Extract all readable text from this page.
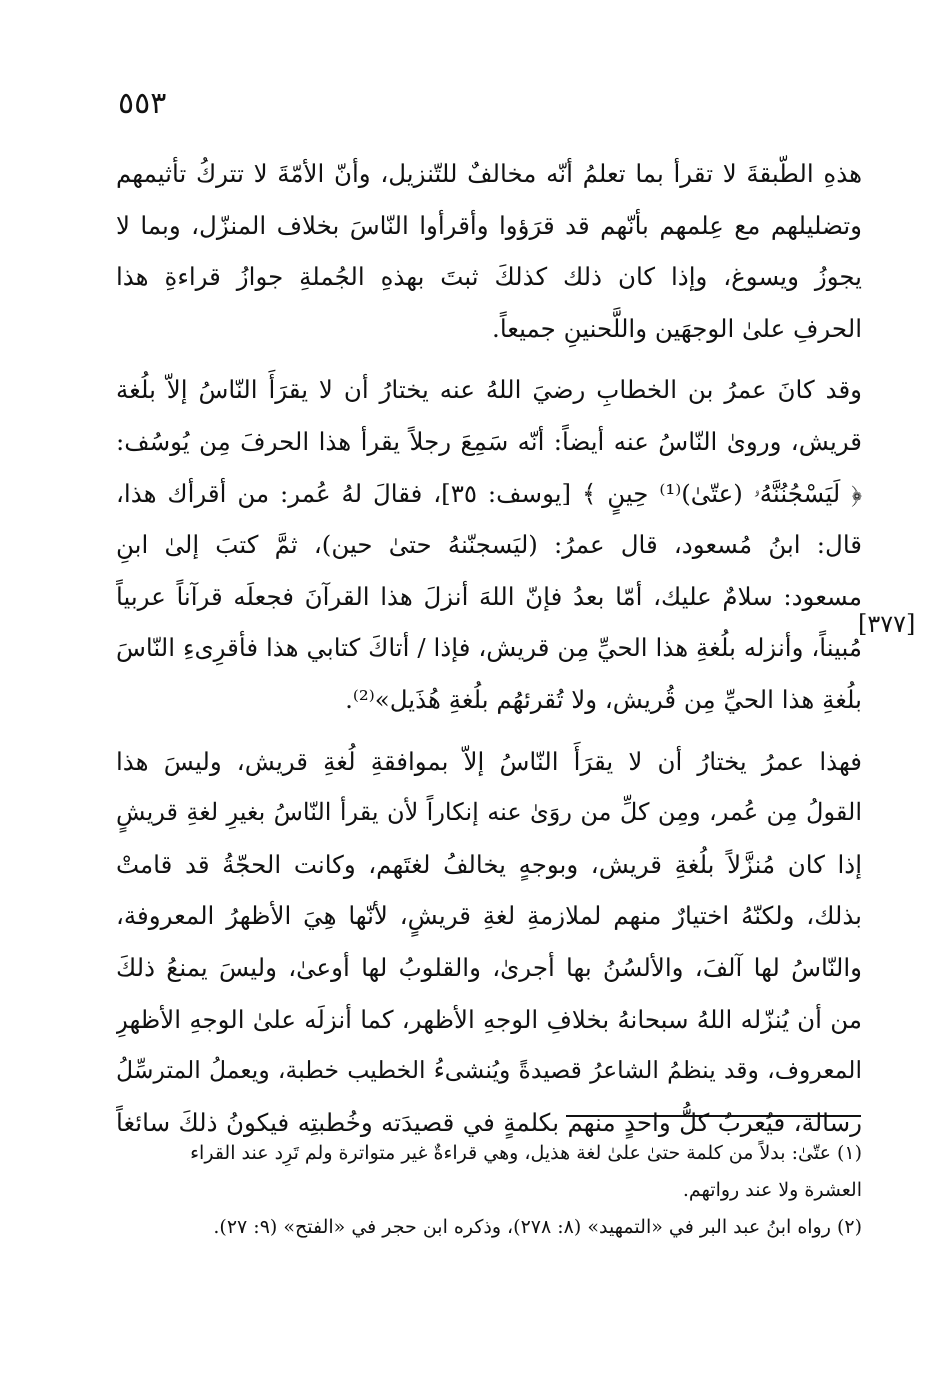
٥٥٣
[٣٧٧]

هذهِ الطّبقةَ لا تقرأ بما تعلمُ أنّه مخالفٌ للتّنزيل، وأنّ الأمّةَ لا تتركُ تأثيمهم
وتضليلهم مع عِلمهم بأنّهم قد قرَؤوا وأقرأوا النّاسَ بخلاف المنزّل، وبما لا
يجوزُ ويسوغ، وإذا كان ذلك كذلكَ ثبتَ بهذهِ الجُملةِ جوازُ قراءةِ هذا
الحرفِ علىٰ الوجهَين واللَّحنينِ جميعاً.

وقد كانَ عمرُ بن الخطابِ رضيَ اللهُ عنه يختارُ أن لا يقرَأَ النّاسُ إلاّ بلُغة
قريش، وروىٰ النّاسُ عنه أيضاً: أنّه سَمِعَ رجلاً يقرأ هذا الحرفَ مِن يُوسُف:
﴿ لَيَسْجُنُنَّهُۥ (عتّىٰ)⁽¹⁾ حِينٍ ﴾ [يوسف: ٣٥]، فقالَ لهُ عُمر: من أقرأك هذا،
قال: ابنُ مُسعود، قال عمرُ: (ليَسجنّنهُ حتىٰ حين)، ثمَّ كتبَ إلىٰ ابنِ
مسعود: سلامٌ عليك، أمّا بعدُ فإنّ اللهَ أنزلَ هذا القرآنَ فجعلَه قرآناً عربياً
مُبيناً، وأنزله بلُغةِ هذا الحيِّ مِن قريش، فإذا / أتاكَ كتابي هذا فأقرِىءِ النّاسَ
بلُغةِ هذا الحيِّ مِن قُريش، ولا تُقرئهُم بلُغةِ هُذَيل»⁽²⁾.

فهذا عمرُ يختارُ أن لا يقرَأَ النّاسُ إلاّ بموافقةِ لُغةِ قريش، وليسَ هذا
القولُ مِن عُمر، ومِن كلِّ من روَىٰ عنه إنكاراً لأن يقرأ النّاسُ بغيرِ لغةِ قريشٍ
إذا كان مُنزَّلاً بلُغةِ قريش، وبوجهٍ يخالفُ لغتَهم، وكانت الحجّةُ قد قامتْ
بذلك، ولكنّهُ اختيارٌ منهم لملازمةِ لغةِ قريشٍ، لأنّها هِيَ الأظهرُ المعروفة،
والنّاسُ لها آلفَ، والألسُنُ بها أجرىٰ، والقلوبُ لها أوعىٰ، وليسَ يمنعُ ذلكَ
من أن يُنزّله اللهُ سبحانهُ بخلافِ الوجهِ الأظهر، كما أنزلَه علىٰ الوجهِ الأظهرِ
المعروف، وقد ينظمُ الشاعرُ قصيدةً ويُنشىءُ الخطيب خطبة، ويعملُ المترسِّلُ
رسالة، فيُعربُ كلُّ واحدٍ منهم بكلمةٍ في قصيدَته وخُطبتِه فيكونُ ذلكَ سائغاً

(١) عتّىٰ: بدلاً من كلمة حتىٰ علىٰ لغة هذيل، وهي قراءةٌ غير متواترة ولم تَرِد عند القراء
العشرة ولا عند رواتهم.

(٢) رواه ابنُ عبد البر في «التمهيد» (٨: ٢٧٨)، وذكره ابن حجر في «الفتح» (٩: ٢٧).
